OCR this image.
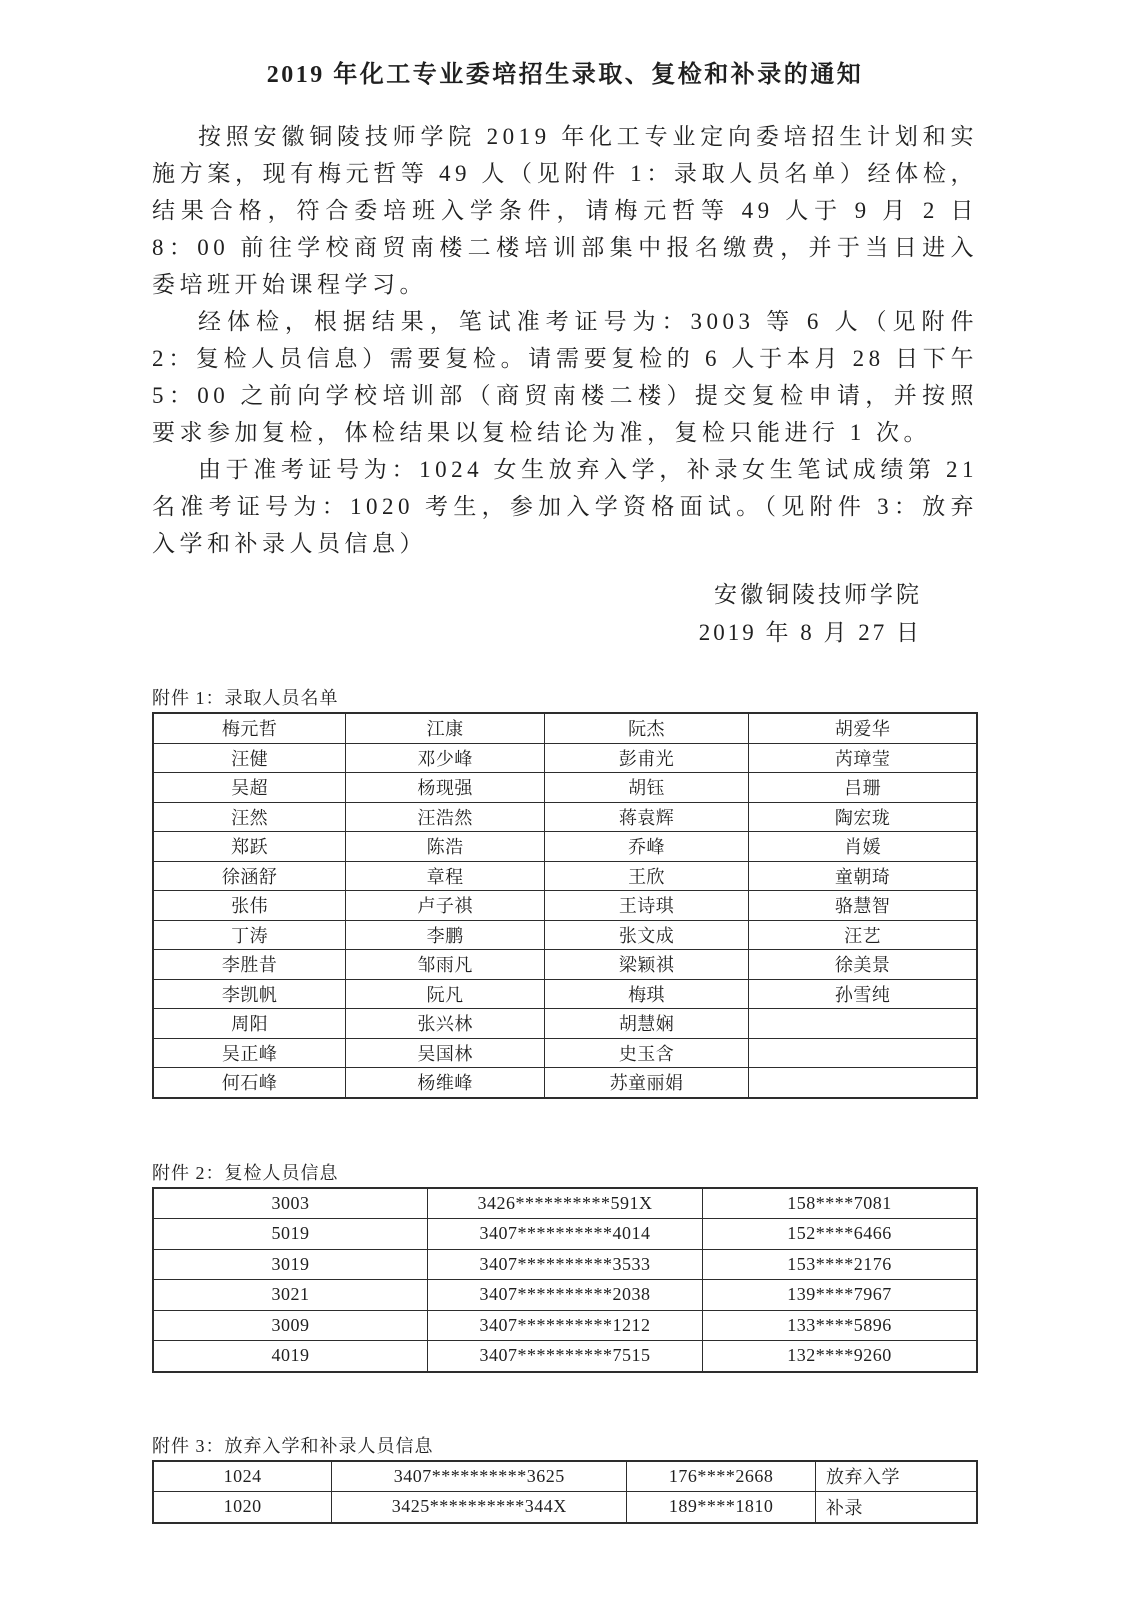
2019 年化工专业委培招生录取、复检和补录的通知

按照安徽铜陵技师学院 2019 年化工专业定向委培招生计划和实施方案，现有梅元哲等 49 人（见附件 1：录取人员名单）经体检，结果合格，符合委培班入学条件，请梅元哲等 49 人于 9 月 2 日 8：00 前往学校商贸南楼二楼培训部集中报名缴费，并于当日进入委培班开始课程学习。

经体检，根据结果，笔试准考证号为：3003 等 6 人（见附件 2：复检人员信息）需要复检。请需要复检的 6 人于本月 28 日下午 5：00 之前向学校培训部（商贸南楼二楼）提交复检申请，并按照要求参加复检，体检结果以复检结论为准，复检只能进行 1 次。

由于准考证号为：1024 女生放弃入学，补录女生笔试成绩第 21 名准考证号为：1020 考生，参加入学资格面试。（见附件 3：放弃入学和补录人员信息）

安徽铜陵技师学院
2019 年 8 月 27 日
附件 1：录取人员名单
梅元哲	江康	阮杰	胡爱华
汪健	邓少峰	彭甫光	芮璋莹
吴超	杨现强	胡钰	吕珊
汪然	汪浩然	蒋袁辉	陶宏珑
郑跃	陈浩	乔峰	肖媛
徐涵舒	章程	王欣	童朝琦
张伟	卢子祺	王诗琪	骆慧智
丁涛	李鹏	张文成	汪艺
李胜昔	邹雨凡	梁颖祺	徐美景
李凯帆	阮凡	梅琪	孙雪纯
周阳	张兴林	胡慧娴	
吴正峰	吴国林	史玉含	
何石峰	杨维峰	苏童丽娟	
附件 2：复检人员信息
3003	3426**********591X	158****7081
5019	3407**********4014	152****6466
3019	3407**********3533	153****2176
3021	3407**********2038	139****7967
3009	3407**********1212	133****5896
4019	3407**********7515	132****9260
附件 3：放弃入学和补录人员信息
1024	3407**********3625	176****2668	放弃入学
1020	3425**********344X	189****1810	补录
